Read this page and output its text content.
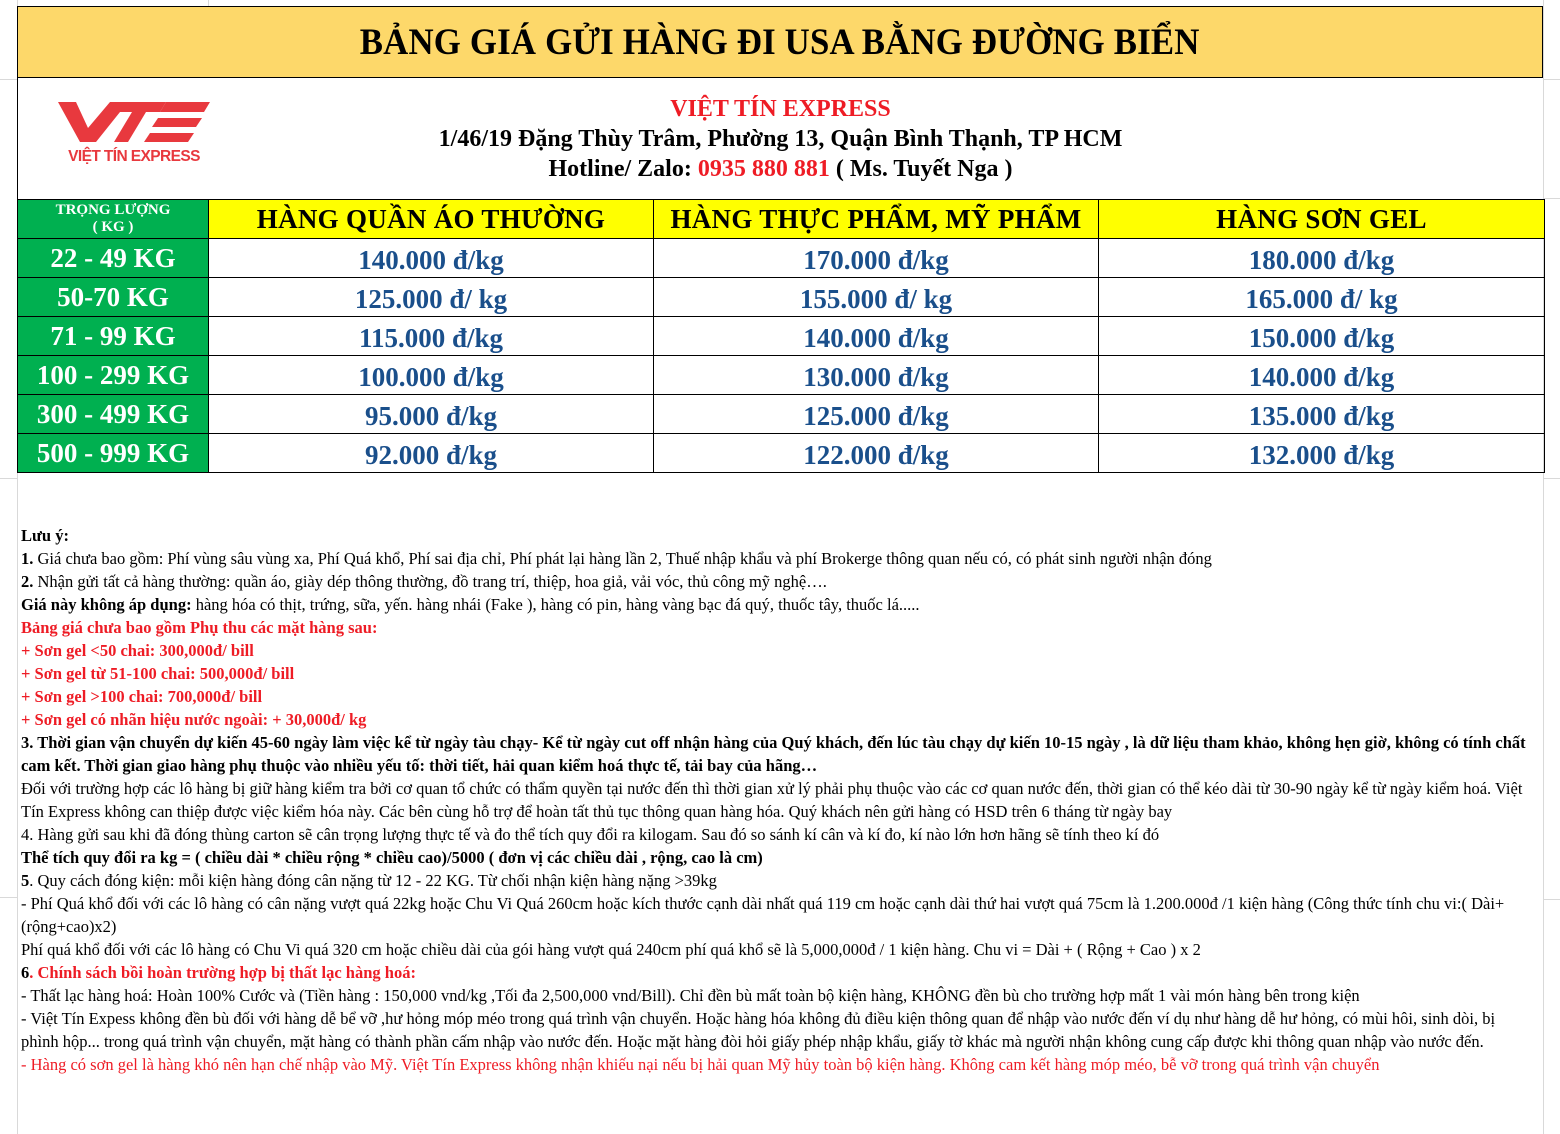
BẢNG GIÁ GỬI HÀNG ĐI USA BẰNG ĐƯỜNG BIỂN
VIỆT TÍN EXPRESS
VIỆT TÍN EXPRESS
1/46/19 Đặng Thùy Trâm, Phường 13, Quận Bình Thạnh, TP HCM
Hotline/ Zalo: 0935 880 881 ( Ms. Tuyết Nga )
TRỌNG LƯỢNG
( KG )	HÀNG QUẦN ÁO THƯỜNG	HÀNG THỰC PHẨM, MỸ PHẨM	HÀNG SƠN GEL
22 - 49 KG	140.000 đ/kg	170.000 đ/kg	180.000 đ/kg
50-70 KG	125.000 đ/ kg	155.000 đ/ kg	165.000 đ/ kg
71 - 99 KG	115.000 đ/kg	140.000 đ/kg	150.000 đ/kg
100 - 299 KG	100.000 đ/kg	130.000 đ/kg	140.000 đ/kg
300 - 499 KG	95.000 đ/kg	125.000 đ/kg	135.000 đ/kg
500 - 999 KG	92.000 đ/kg	122.000 đ/kg	132.000 đ/kg
Lưu ý:
1. Giá chưa bao gồm: Phí vùng sâu vùng xa, Phí Quá khổ, Phí sai địa chỉ, Phí phát lại hàng lần 2, Thuế nhập khẩu và phí Brokerge thông quan nếu có, có phát sinh người nhận đóng
2. Nhận gửi tất cả hàng thường: quần áo, giày dép thông thường, đồ trang trí, thiệp, hoa giả, vải vóc, thủ công mỹ nghệ….
Giá này không áp dụng: hàng hóa có thịt, trứng, sữa, yến. hàng nhái (Fake ), hàng có pin, hàng vàng bạc đá quý, thuốc tây, thuốc lá.....
Bảng giá chưa bao gồm Phụ thu các mặt hàng sau:
+ Sơn gel <50 chai: 300,000đ/ bill
+ Sơn gel từ 51-100 chai: 500,000đ/ bill
+ Sơn gel >100 chai: 700,000đ/ bill
+ Sơn gel có nhãn hiệu nước ngoài: + 30,000đ/ kg
3. Thời gian vận chuyển dự kiến 45-60 ngày làm việc kể từ ngày tàu chạy- Kể từ ngày cut off nhận hàng của Quý khách, đến lúc tàu chạy dự kiến 10-15 ngày , là dữ liệu tham khảo, không hẹn giờ, không có tính chất cam kết. Thời gian giao hàng phụ thuộc vào nhiều yếu tố: thời tiết, hải quan kiểm hoá thực tế, tải bay của hãng…
Đối với trường hợp các lô hàng bị giữ hàng kiểm tra bởi cơ quan tổ chức có thẩm quyền tại nước đến thì thời gian xử lý phải phụ thuộc vào các cơ quan nước đến, thời gian có thể kéo dài từ 30-90 ngày kể từ ngày kiểm hoá. Việt Tín Express không can thiệp được việc kiểm hóa này. Các bên cùng hỗ trợ để hoàn tất thủ tục thông quan hàng hóa. Quý khách nên gửi hàng có HSD trên 6 tháng từ ngày bay
4. Hàng gửi sau khi đã đóng thùng carton sẽ cân trọng lượng thực tế và đo thể tích quy đổi ra kilogam. Sau đó so sánh kí cân và kí đo, kí nào lớn hơn hãng sẽ tính theo kí đó
Thể tích quy đổi ra kg = ( chiều dài * chiều rộng * chiều cao)/5000 ( đơn vị các chiều dài , rộng, cao là cm)
5. Quy cách đóng kiện: mỗi kiện hàng đóng cân nặng từ 12 - 22 KG. Từ chối nhận kiện hàng nặng >39kg
- Phí Quá khổ đối với các lô hàng có cân nặng vượt quá 22kg hoặc Chu Vi Quá 260cm hoặc kích thước cạnh dài nhất quá 119 cm hoặc cạnh dài thứ hai vượt quá 75cm là 1.200.000đ /1 kiện hàng (Công thức tính chu vi:( Dài+(rộng+cao)x2)
Phí quá khổ đối với các lô hàng có Chu Vi quá 320 cm hoặc chiều dài của gói hàng vượt quá 240cm phí quá khổ sẽ là 5,000,000đ / 1 kiện hàng. Chu vi = Dài + ( Rộng + Cao ) x 2
6. Chính sách bồi hoàn trường hợp bị thất lạc hàng hoá:
- Thất lạc hàng hoá: Hoàn 100% Cước và (Tiền hàng : 150,000 vnd/kg ,Tối đa 2,500,000 vnd/Bill). Chỉ đền bù mất toàn bộ kiện hàng, KHÔNG đền bù cho trường hợp mất 1 vài món hàng bên trong kiện
- Việt Tín Expess không đền bù đối với hàng dễ bể vỡ ,hư hỏng móp méo trong quá trình vận chuyển. Hoặc hàng hóa không đủ điều kiện thông quan để nhập vào nước đến ví dụ như hàng dễ hư hỏng, có mùi hôi, sinh dòi, bị phình hộp... trong quá trình vận chuyển, mặt hàng có thành phần cấm nhập vào nước đến. Hoặc mặt hàng đòi hỏi giấy phép nhập khẩu, giấy tờ khác mà người nhận không cung cấp được khi thông quan nhập vào nước đến.
- Hàng có sơn gel là hàng khó nên hạn chế nhập vào Mỹ. Việt Tín Express không nhận khiếu nại nếu bị hải quan Mỹ hủy toàn bộ kiện hàng. Không cam kết hàng móp méo, bễ vỡ trong quá trình vận chuyển
